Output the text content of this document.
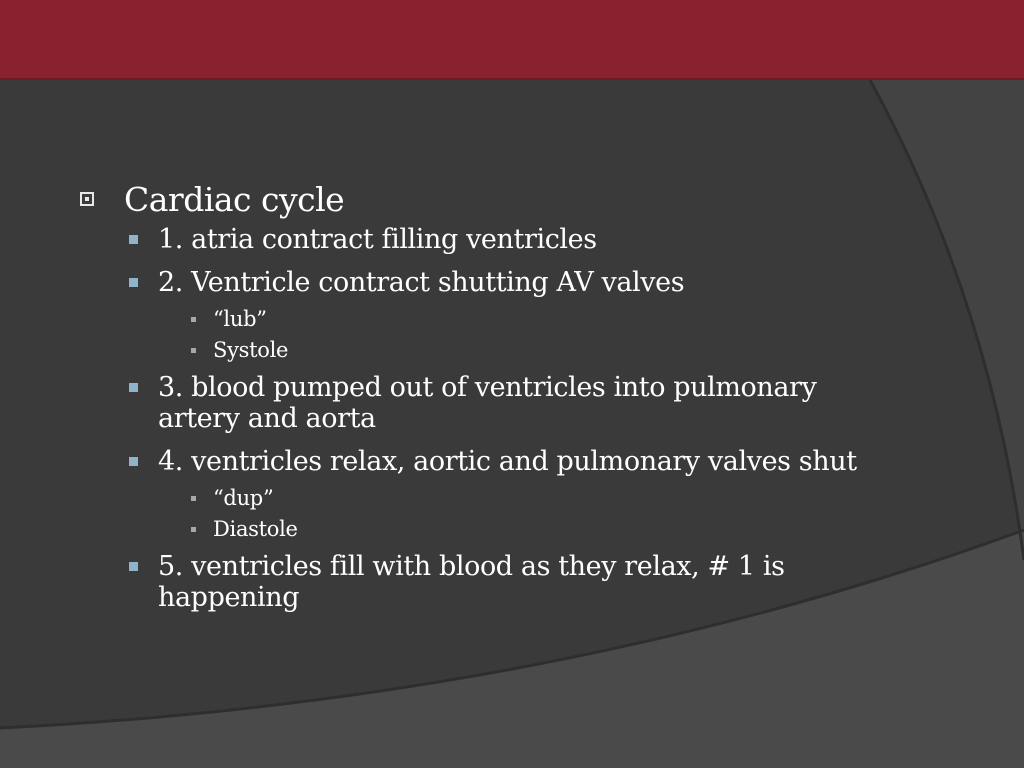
Cardiac cycle
1. atria contract filling ventricles
2. Ventricle contract shutting AV valves
“lub”
Systole
3. blood pumped out of ventricles into pulmonary artery and aorta
4. ventricles relax, aortic and pulmonary valves shut
“dup”
Diastole
5. ventricles fill with blood as they relax, # 1 is happening
